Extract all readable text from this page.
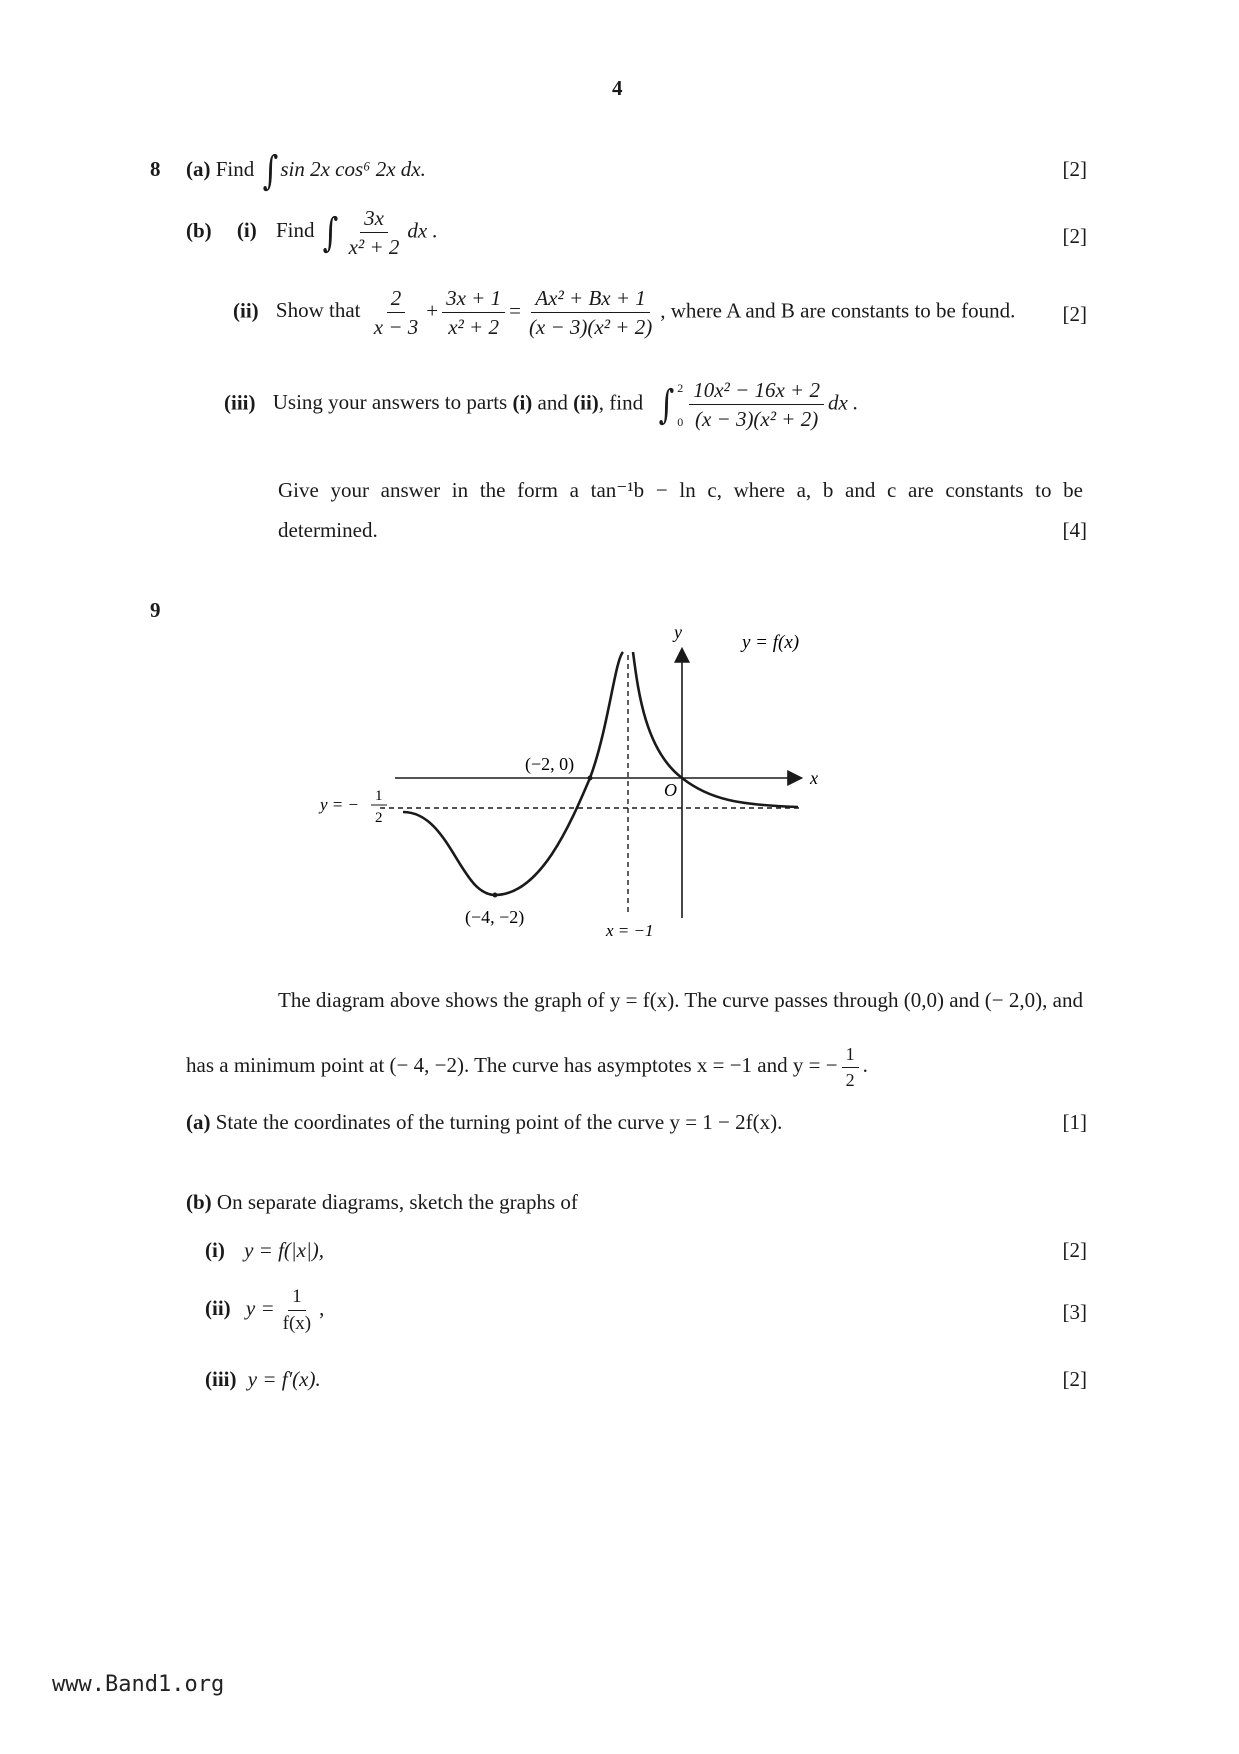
4
8 (a) Find ∫ sin 2x cos⁶ 2x dx.	[2]
(b) (i) Find ∫ $\frac{3x}{\text{x² + 2}}$ dx .	[2]
(ii) Show that $\frac{2}{x - 3} + \frac{3x + 1}{\text{x² + 2}} = \frac{\text{Ax² + Bx + 1}}{\text{(x − 3)(x² + 2)}}$ , where A and B are constants to be found. [2]
(iii) Using your answers to parts (i) and (ii), find ∫ 2
$0 \frac{\text{10x² − 16x + 2}}{\text{(x − 3)(x² + 2)}}$ dx .
Give your answer in the form a tan⁻¹b − ln c, where a, b and c are constants to be
determined.	[4]
9
y
x
y = f(x)
O
(−2, 0)
(−4, −2)
x = −1
y = − 1
2
The diagram above shows the graph of y = f(x). The curve passes through (0,0) and (− 2,0), and
has a minimum point at (− 4, −2). The curve has asymptotes x = −1 and y = − $\frac{1}{2}$ .
(a) State the coordinates of the turning point of the curve y = 1 − 2f(x).	[1]
(b) On separate diagrams, sketch the graphs of
(i) y = f(|x|),	[2]
(ii) $y = \frac{1}{f(x)}$ ,	[3]
(iii) y = f′(x).	[2]
www.Band1.org
